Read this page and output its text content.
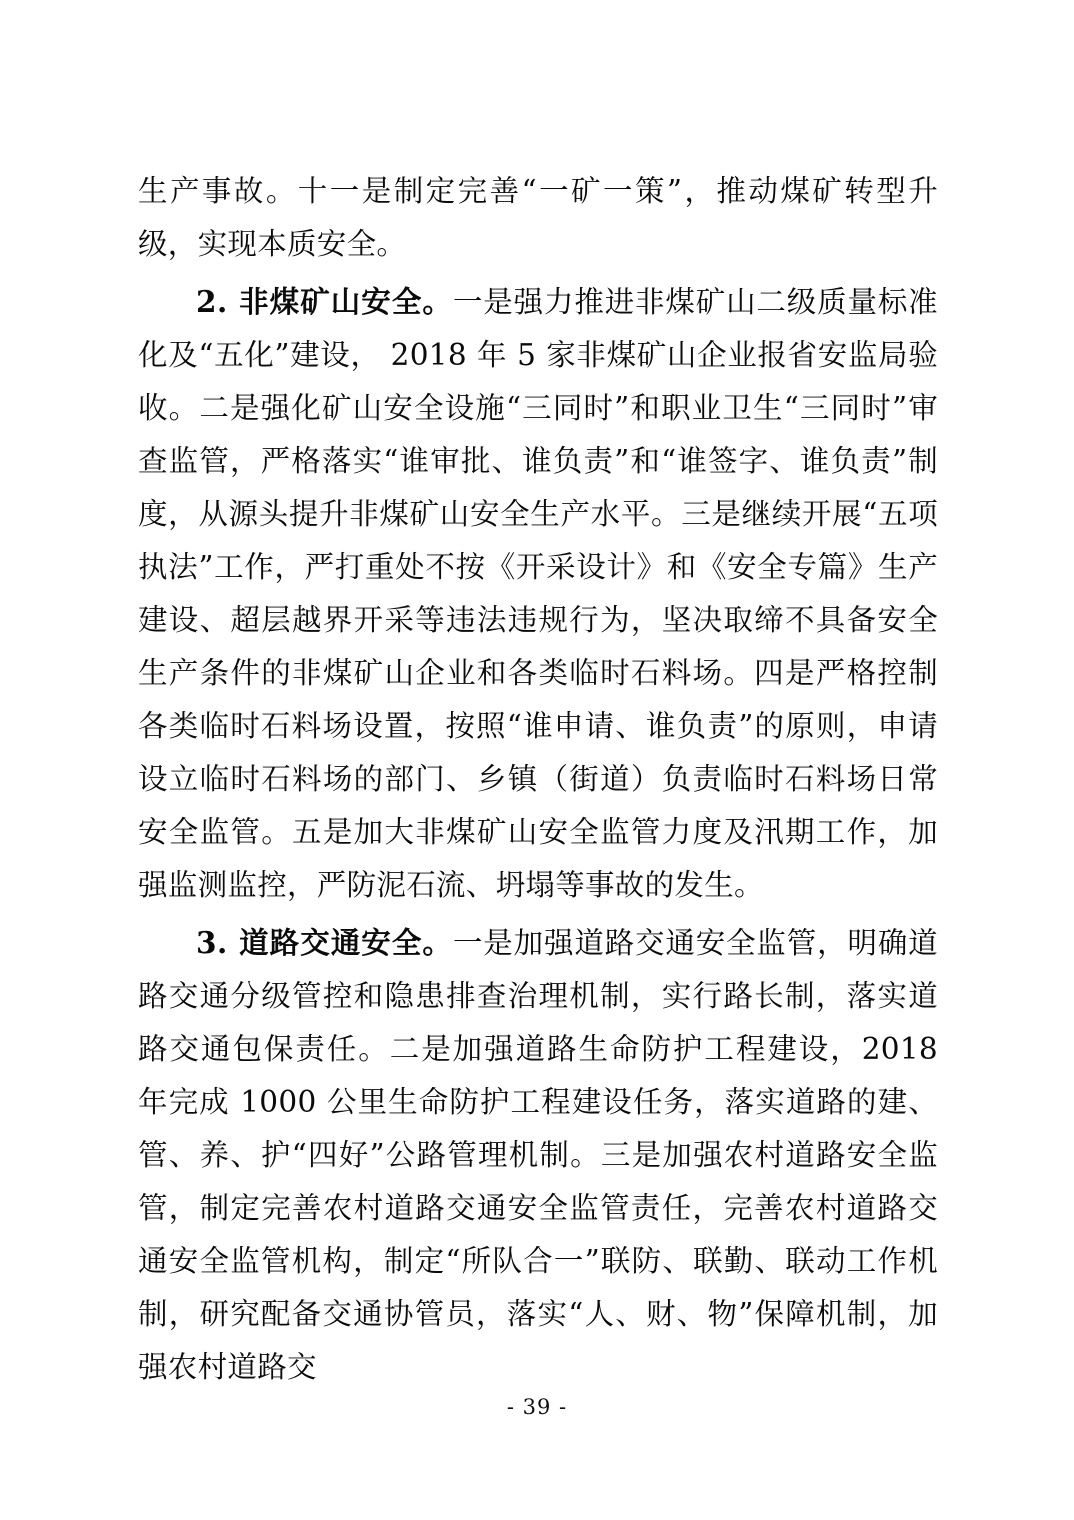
生产事故。十一是制定完善“一矿一策”，推动煤矿转型升级，实现本质安全。

2. 非煤矿山安全。一是强力推进非煤矿山二级质量标准化及“五化”建设， 2018 年 5 家非煤矿山企业报省安监局验收。二是强化矿山安全设施“三同时”和职业卫生“三同时”审查监管，严格落实“谁审批、谁负责”和“谁签字、谁负责”制度，从源头提升非煤矿山安全生产水平。三是继续开展“五项执法”工作，严打重处不按《开采设计》和《安全专篇》生产建设、超层越界开采等违法违规行为，坚决取缔不具备安全生产条件的非煤矿山企业和各类临时石料场。四是严格控制各类临时石料场设置，按照“谁申请、谁负责”的原则，申请设立临时石料场的部门、乡镇（街道）负责临时石料场日常安全监管。五是加大非煤矿山安全监管力度及汛期工作，加强监测监控，严防泥石流、坍塌等事故的发生。

3. 道路交通安全。一是加强道路交通安全监管，明确道路交通分级管控和隐患排查治理机制，实行路长制，落实道路交通包保责任。二是加强道路生命防护工程建设，2018 年完成 1000 公里生命防护工程建设任务，落实道路的建、管、养、护“四好”公路管理机制。三是加强农村道路安全监管，制定完善农村道路交通安全监管责任，完善农村道路交通安全监管机构，制定“所队合一”联防、联勤、联动工作机制，研究配备交通协管员，落实“人、财、物”保障机制，加强农村道路交

- 39 -
